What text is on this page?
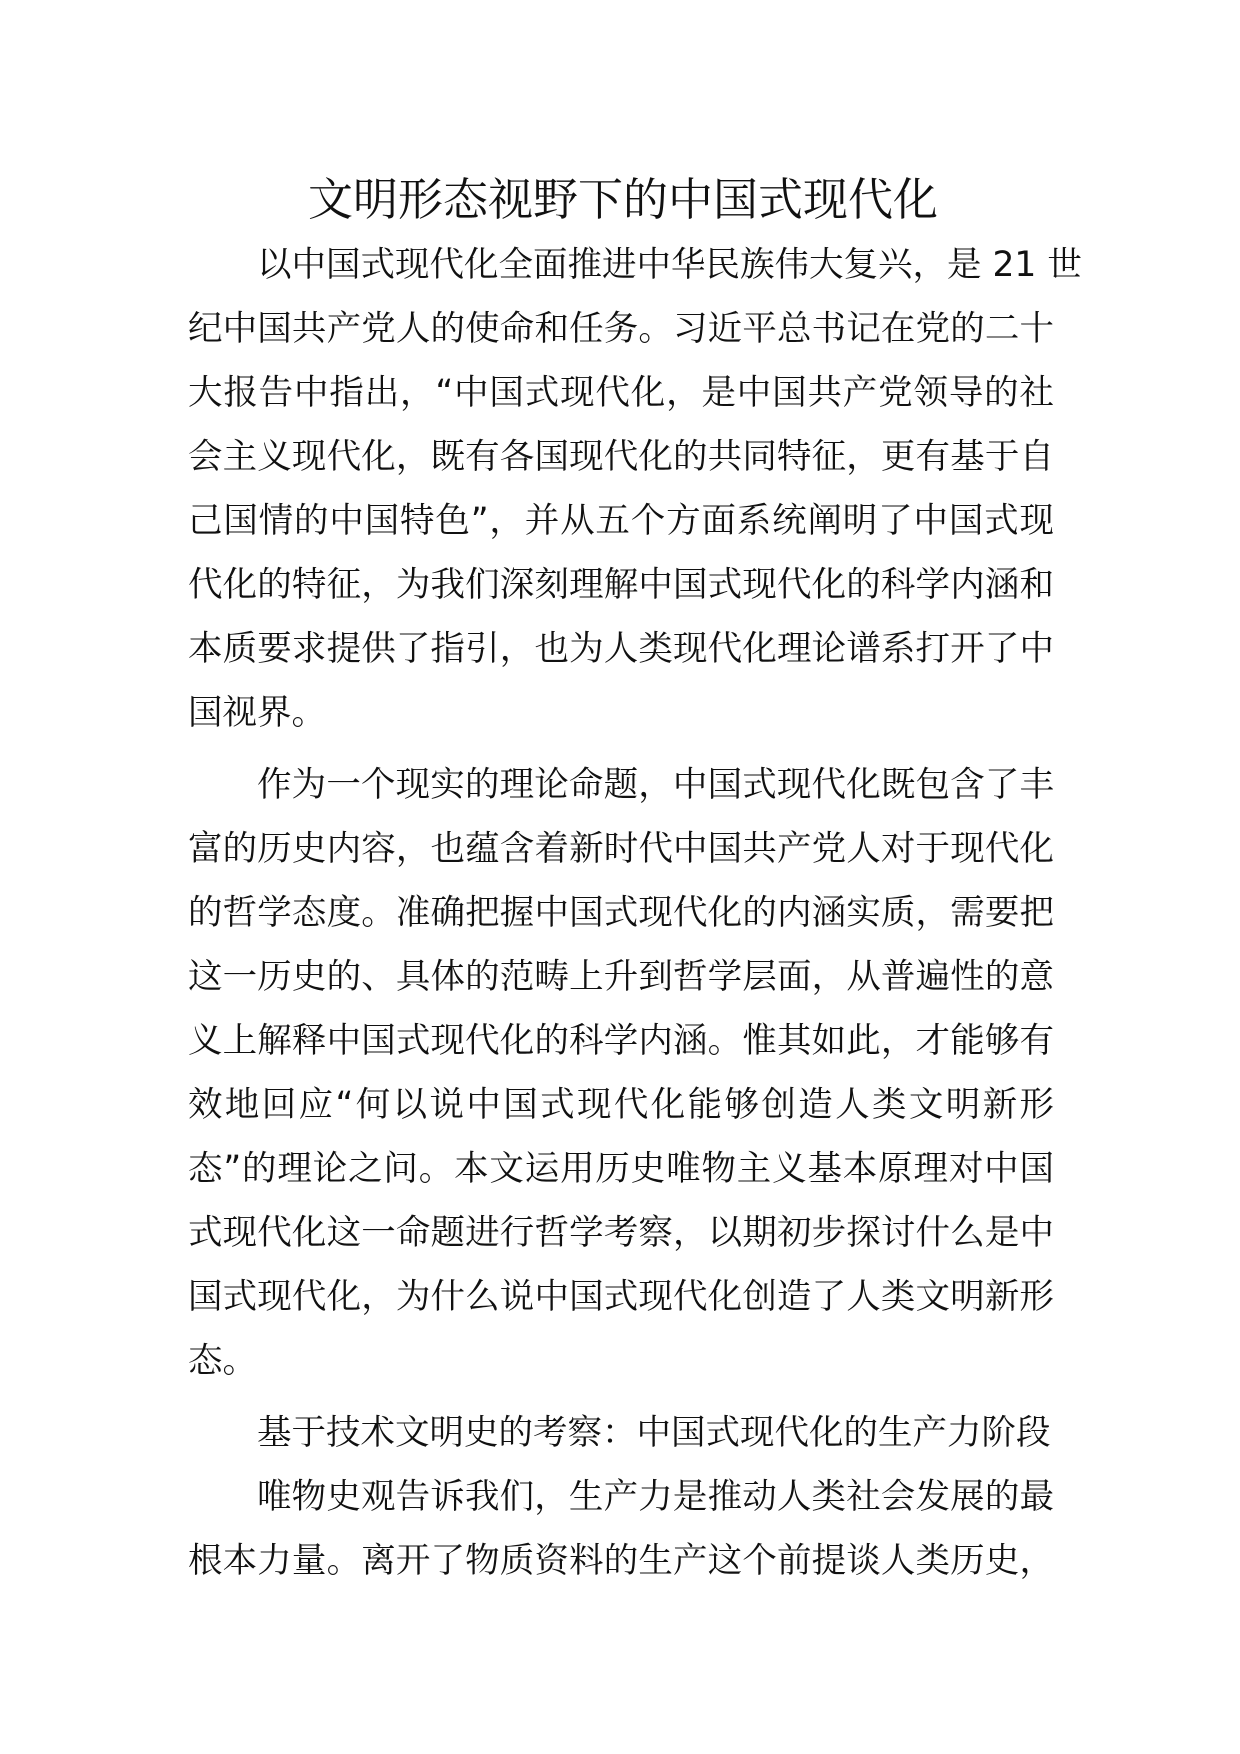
文明形态视野下的中国式现代化
以中国式现代化全面推进中华民族伟大复兴，是 21 世
纪中国共产党人的使命和任务。习近平总书记在党的二十
大报告中指出，“中国式现代化，是中国共产党领导的社
会主义现代化，既有各国现代化的共同特征，更有基于自
己国情的中国特色”，并从五个方面系统阐明了中国式现
代化的特征，为我们深刻理解中国式现代化的科学内涵和
本质要求提供了指引，也为人类现代化理论谱系打开了中
国视界。
作为一个现实的理论命题，中国式现代化既包含了丰
富的历史内容，也蕴含着新时代中国共产党人对于现代化
的哲学态度。准确把握中国式现代化的内涵实质，需要把
这一历史的、具体的范畴上升到哲学层面，从普遍性的意
义上解释中国式现代化的科学内涵。惟其如此，才能够有
效地回应“何以说中国式现代化能够创造人类文明新形
态”的理论之问。本文运用历史唯物主义基本原理对中国
式现代化这一命题进行哲学考察，以期初步探讨什么是中
国式现代化，为什么说中国式现代化创造了人类文明新形
态。
基于技术文明史的考察：中国式现代化的生产力阶段
唯物史观告诉我们，生产力是推动人类社会发展的最
根本力量。离开了物质资料的生产这个前提谈人类历史，
